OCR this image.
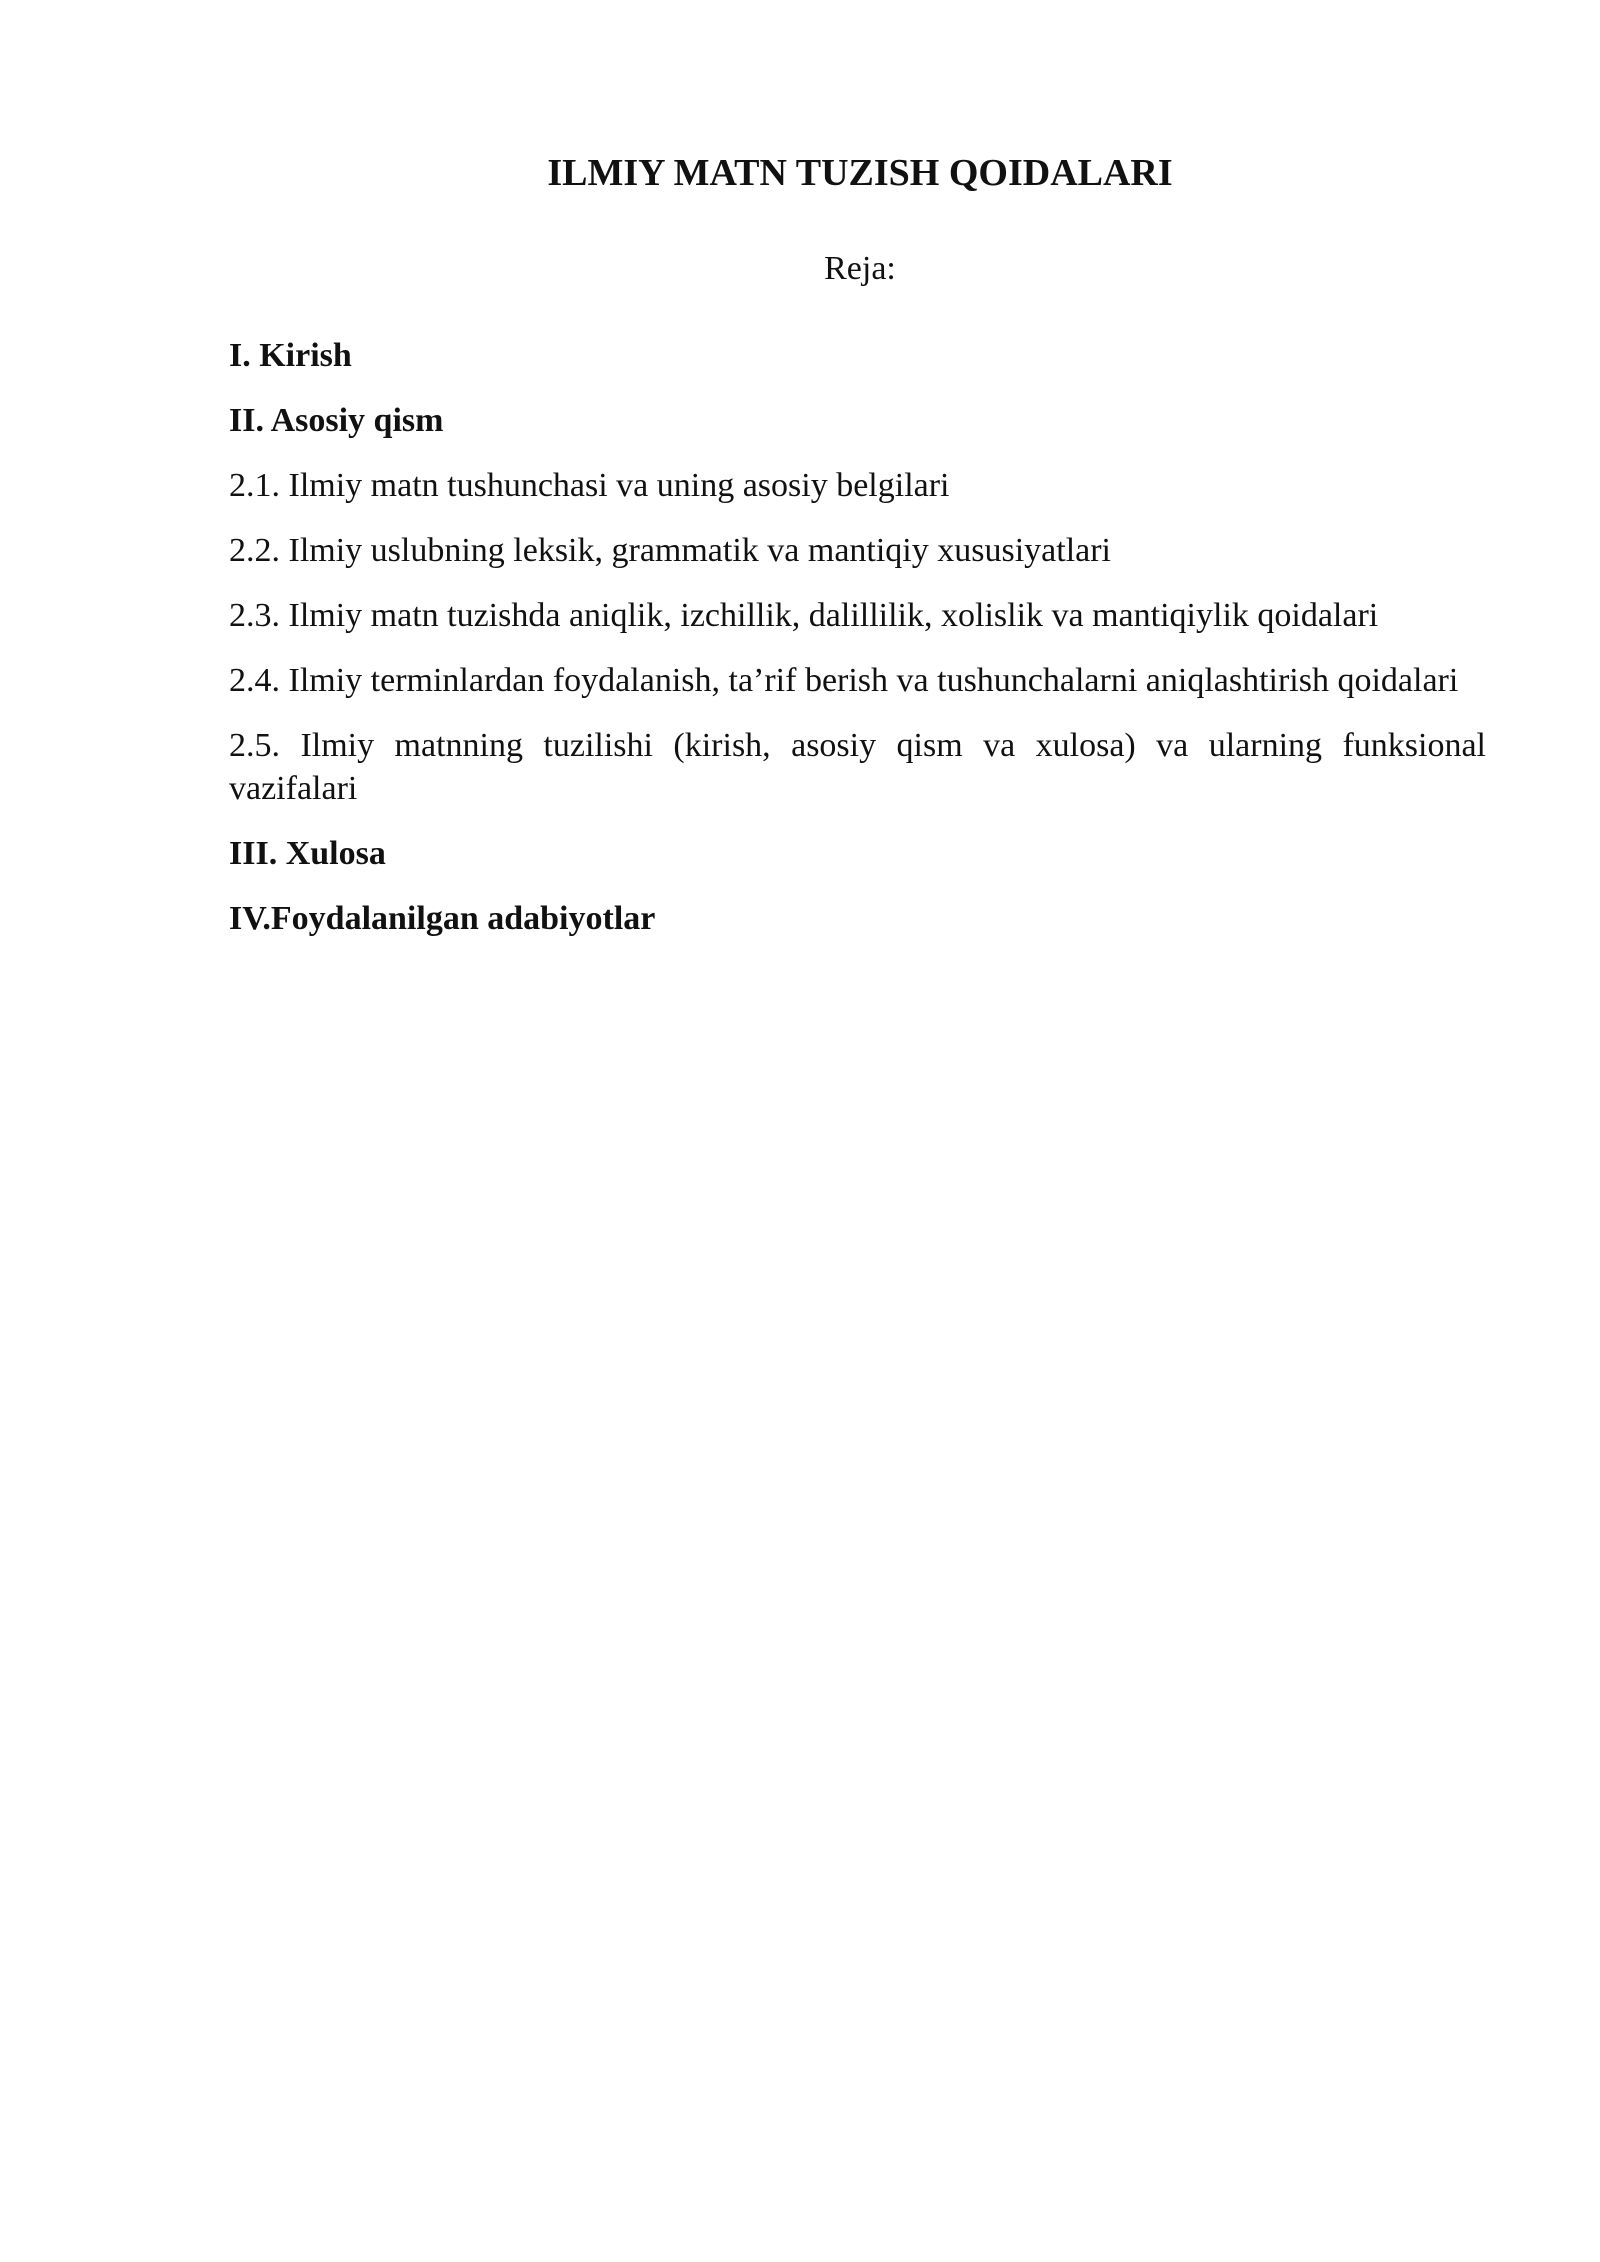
ILMIY MATN TUZISH QOIDALARI

Reja:

I. Kirish
II. Asosiy qism
2.1. Ilmiy matn tushunchasi va uning asosiy belgilari
2.2. Ilmiy uslubning leksik, grammatik va mantiqiy xususiyatlari
2.3. Ilmiy matn tuzishda aniqlik, izchillik, dalillilik, xolislik va mantiqiylik qoidalari
2.4. Ilmiy terminlardan foydalanish, ta’rif berish va tushunchalarni aniqlashtirish qoidalari
2.5. Ilmiy matnning tuzilishi (kirish, asosiy qism va xulosa) va ularning funksional vazifalari
III. Xulosa
IV.Foydalanilgan adabiyotlar
